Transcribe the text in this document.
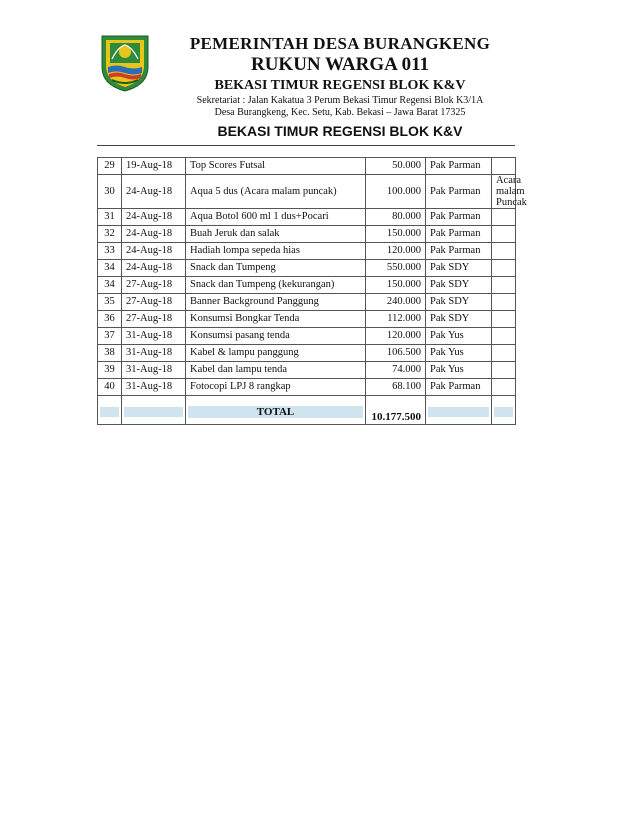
PEMERINTAH DESA BURANGKENG
RUKUN WARGA 011
BEKASI TIMUR REGENSI BLOK K&V
Sekretariat : Jalan Kakatua 3 Perum Bekasi Timur Regensi Blok K3/1A
Desa Burangkeng, Kec. Setu, Kab. Bekasi – Jawa Barat 17325
BEKASI TIMUR REGENSI BLOK K&V
29	19-Aug-18	Top Scores Futsal	50.000	Pak Parman	
30	24-Aug-18	Aqua 5 dus (Acara malam puncak)	100.000	Pak Parman	Acara malam Puncak
31	24-Aug-18	Aqua Botol 600 ml 1 dus+Pocari	80.000	Pak Parman	
32	24-Aug-18	Buah Jeruk dan salak	150.000	Pak Parman	
33	24-Aug-18	Hadiah lompa sepeda hias	120.000	Pak Parman	
34	24-Aug-18	Snack dan Tumpeng	550.000	Pak SDY	
34	27-Aug-18	Snack dan Tumpeng (kekurangan)	150.000	Pak SDY	
35	27-Aug-18	Banner Background Panggung	240.000	Pak SDY	
36	27-Aug-18	Konsumsi Bongkar Tenda	112.000	Pak SDY	
37	31-Aug-18	Konsumsi pasang tenda	120.000	Pak Yus	
38	31-Aug-18	Kabel & lampu panggung	106.500	Pak Yus	
39	31-Aug-18	Kabel dan lampu tenda	74.000	Pak Yus	
40	31-Aug-18	Fotocopi LPJ 8 rangkap	68.100	Pak Parman	

		TOTAL	10.177.500		
